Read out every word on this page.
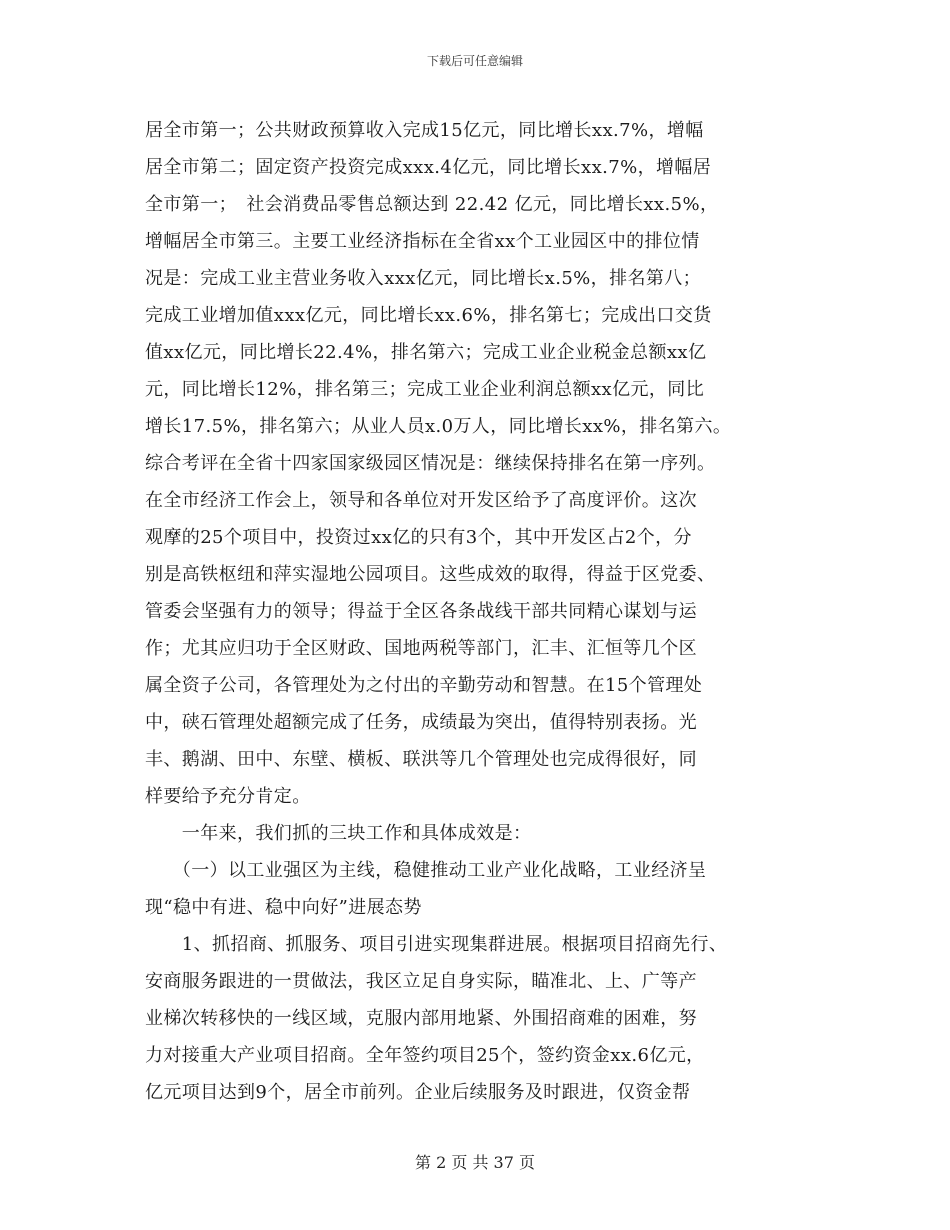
下载后可任意编辑
居全市第一；公共财政预算收入完成15亿元，同比增长xx.7%，增幅
居全市第二；固定资产投资完成xxx.4亿元，同比增长xx.7%，增幅居
全市第一；　社会消费品零售总额达到 22.42 亿元，同比增长xx.5%，
增幅居全市第三。主要工业经济指标在全省xx个工业园区中的排位情
况是：完成工业主营业务收入xxx亿元，同比增长x.5%，排名第八；
完成工业增加值xxx亿元，同比增长xx.6%，排名第七；完成出口交货
值xx亿元，同比增长22.4%，排名第六；完成工业企业税金总额xx亿
元，同比增长12%，排名第三；完成工业企业利润总额xx亿元，同比
增长17.5%，排名第六；从业人员x.0万人，同比增长xx%，排名第六。
综合考评在全省十四家国家级园区情况是：继续保持排名在第一序列。
在全市经济工作会上，领导和各单位对开发区给予了高度评价。这次
观摩的25个项目中，投资过xx亿的只有3个，其中开发区占2个，分
别是高铁枢纽和萍实湿地公园项目。这些成效的取得，得益于区党委、
管委会坚强有力的领导；得益于全区各条战线干部共同精心谋划与运
作；尤其应归功于全区财政、国地两税等部门，汇丰、汇恒等几个区
属全资子公司，各管理处为之付出的辛勤劳动和智慧。在15个管理处
中，硖石管理处超额完成了任务，成绩最为突出，值得特别表扬。光
丰、鹅湖、田中、东壁、横板、联洪等几个管理处也完成得很好，同
样要给予充分肯定。
　　一年来，我们抓的三块工作和具体成效是：
　　（一）以工业强区为主线，稳健推动工业产业化战略，工业经济呈
现“稳中有进、稳中向好”进展态势
　　1、抓招商、抓服务、项目引进实现集群进展。根据项目招商先行、
安商服务跟进的一贯做法，我区立足自身实际，瞄准北、上、广等产
业梯次转移快的一线区域，克服内部用地紧、外围招商难的困难，努
力对接重大产业项目招商。全年签约项目25个，签约资金xx.6亿元，
亿元项目达到9个，居全市前列。企业后续服务及时跟进，仅资金帮
第 2 页 共 37 页
